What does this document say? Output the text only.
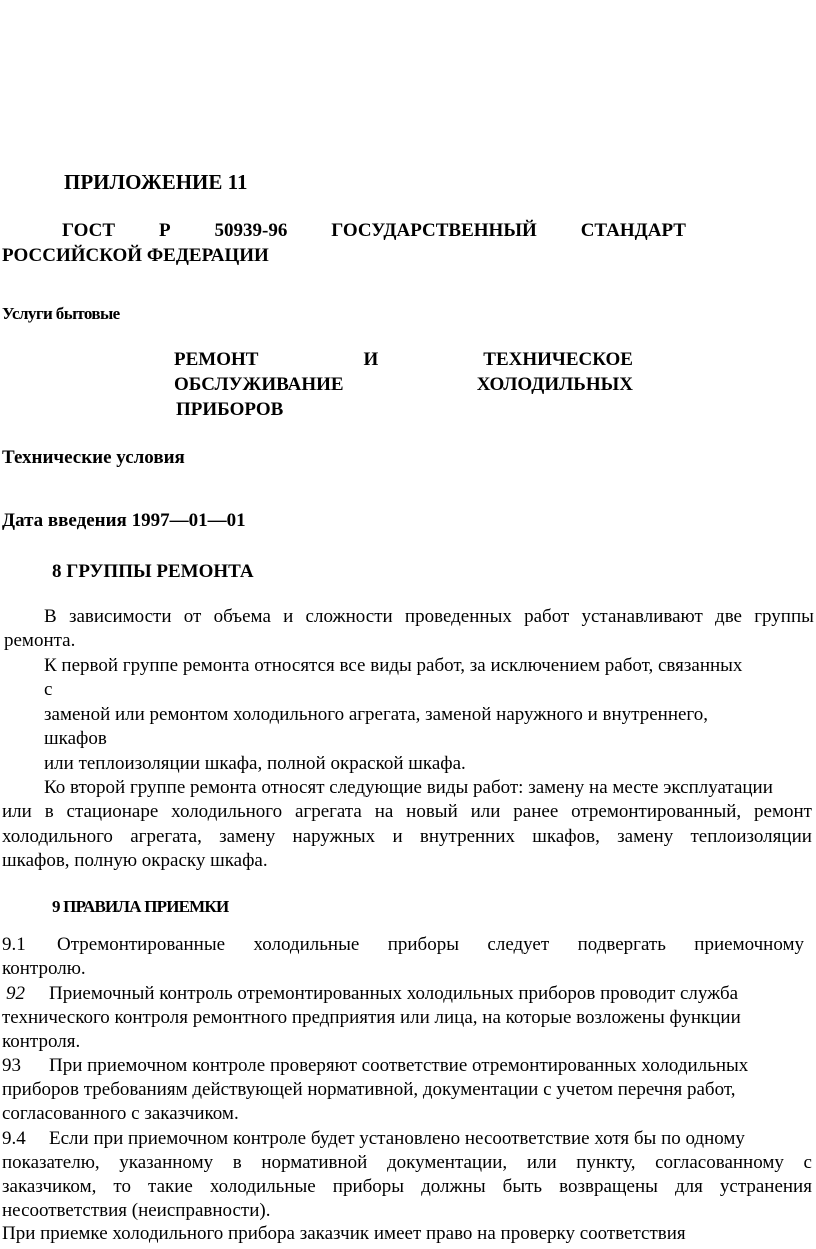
ПРИЛОЖЕНИЕ 11
ГОСТ Р 50939-96 ГОСУДАРСТВЕННЫЙ СТАНДАРТ
РОССИЙСКОЙ ФЕДЕРАЦИИ
Услуги бытовые
РЕМОНТ	И	ТЕХНИЧЕСКОЕ
ОБСЛУЖИВАНИЕ	ХОЛОДИЛЬНЫХ
ПРИБОРОВ
Технические условия
Дата введения 1997—01—01
8 ГРУППЫ РЕМОНТА
В зависимости от объема и сложности проведенных работ устанавливают две группы
ремонта.
К первой группе ремонта относятся все виды работ, за исключением работ, связанных
с
заменой или ремонтом холодильного агрегата, заменой наружного и внутреннего,
шкафов
или теплоизоляции шкафа, полной окраской шкафа.
Ко второй группе ремонта относят следующие виды работ: замену на месте эксплуатации
или в стационаре холодильного агрегата на новый или ранее отремонтированный, ремонт
холодильного агрегата, замену наружных и внутренних шкафов, замену теплоизоляции
шкафов, полную окраску шкафа.
9 ПРАВИЛА ПРИЕМКИ
9.1 Отремонтированные холодильные приборы следует подвергать приемочному
контролю.
92 Приемочный контроль отремонтированных холодильных приборов проводит служба
технического контроля ремонтного предприятия или лица, на которые возложены функции
контроля.
93 При приемочном контроле проверяют соответствие отремонтированных холодильных
приборов требованиям действующей нормативной, документации с учетом перечня работ,
согласованного с заказчиком.
9.4 Если при приемочном контроле будет установлено несоответствие хотя бы по одному
показателю, указанному в нормативной документации, или пункту, согласованному с
заказчиком, то такие холодильные приборы должны быть возвращены для устранения
несоответствия (неисправности).
При приемке холодильного прибора заказчик имеет право на проверку соответствия
